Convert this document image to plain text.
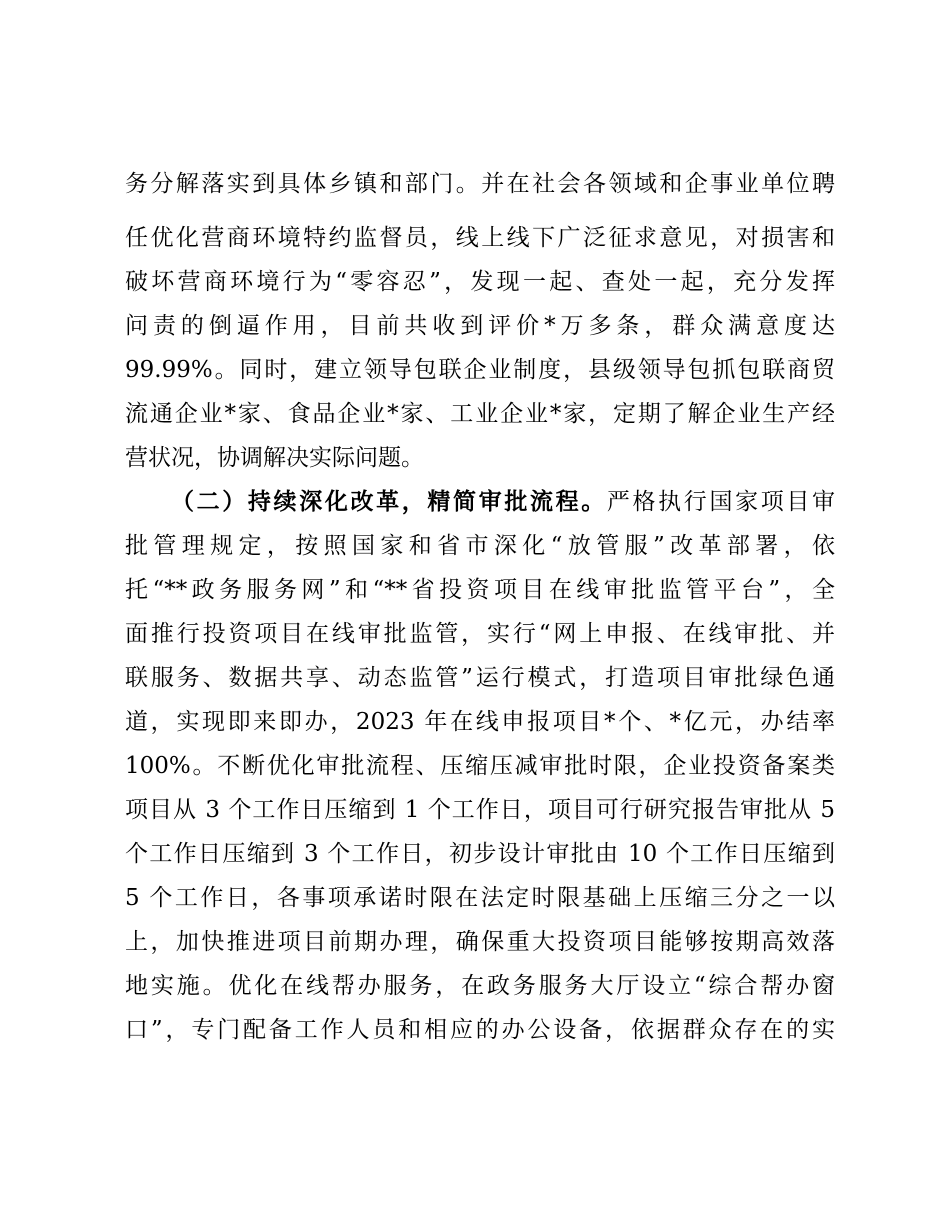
务分解落实到具体乡镇和部门。并在社会各领域和企事业单位聘
任优化营商环境特约监督员，线上线下广泛征求意见，对损害和
破坏营商环境行为“零容忍”，发现一起、查处一起，充分发挥
问责的倒逼作用，目前共收到评价*万多条，群众满意度达
99.99%。同时，建立领导包联企业制度，县级领导包抓包联商贸
流通企业*家、食品企业*家、工业企业*家，定期了解企业生产经
营状况，协调解决实际问题。
（二）持续深化改革，精简审批流程。严格执行国家项目审
批管理规定，按照国家和省市深化“放管服”改革部署，依
托“**政务服务网”和“**省投资项目在线审批监管平台”，全
面推行投资项目在线审批监管，实行“网上申报、在线审批、并
联服务、数据共享、动态监管”运行模式，打造项目审批绿色通
道，实现即来即办，2023 年在线申报项目*个、*亿元，办结率
100%。不断优化审批流程、压缩压减审批时限，企业投资备案类
项目从 3 个工作日压缩到 1 个工作日，项目可行研究报告审批从 5
个工作日压缩到 3 个工作日，初步设计审批由 10 个工作日压缩到
5 个工作日，各事项承诺时限在法定时限基础上压缩三分之一以
上，加快推进项目前期办理，确保重大投资项目能够按期高效落
地实施。优化在线帮办服务，在政务服务大厅设立“综合帮办窗
口”，专门配备工作人员和相应的办公设备，依据群众存在的实
